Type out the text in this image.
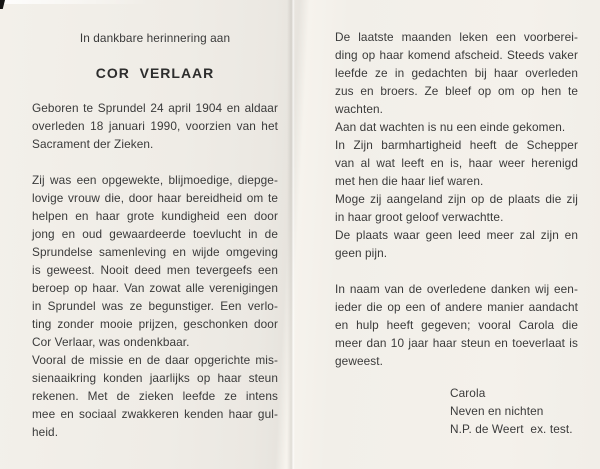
In dankbare herinnering aan
COR  VERLAAR
Geboren te Sprundel 24 april 1904 en aldaar
overleden 18 januari 1990, voorzien van het
Sacrament der Zieken.
Zij was een opgewekte, blijmoedige, diepge-
lovige vrouw die, door haar bereidheid om te
helpen en haar grote kundigheid een door
jong en oud gewaardeerde toevlucht in de
Sprundelse samenleving en wijde omgeving
is geweest. Nooit deed men tevergeefs een
beroep op haar. Van zowat alle verenigingen
in Sprundel was ze begunstiger. Een verlo-
ting zonder mooie prijzen, geschonken door
Cor Verlaar, was ondenkbaar.
Vooral de missie en de daar opgerichte mis-
sienaaikring konden jaarlijks op haar steun
rekenen. Met de zieken leefde ze intens
mee en sociaal zwakkeren kenden haar gul-
heid.
De laatste maanden leken een voorberei-
ding op haar komend afscheid. Steeds vaker
leefde ze in gedachten bij haar overleden
zus en broers. Ze bleef op om op hen te
wachten.
Aan dat wachten is nu een einde gekomen.
In Zijn barmhartigheid heeft de Schepper
van al wat leeft en is, haar weer herenigd
met hen die haar lief waren.
Moge zij aangeland zijn op de plaats die zij
in haar groot geloof verwachtte.
De plaats waar geen leed meer zal zijn en
geen pijn.
In naam van de overledene danken wij een-
ieder die op een of andere manier aandacht
en hulp heeft gegeven; vooral Carola die
meer dan 10 jaar haar steun en toeverlaat is
geweest.
Carola
Neven en nichten
N.P. de Weert  ex. test.
